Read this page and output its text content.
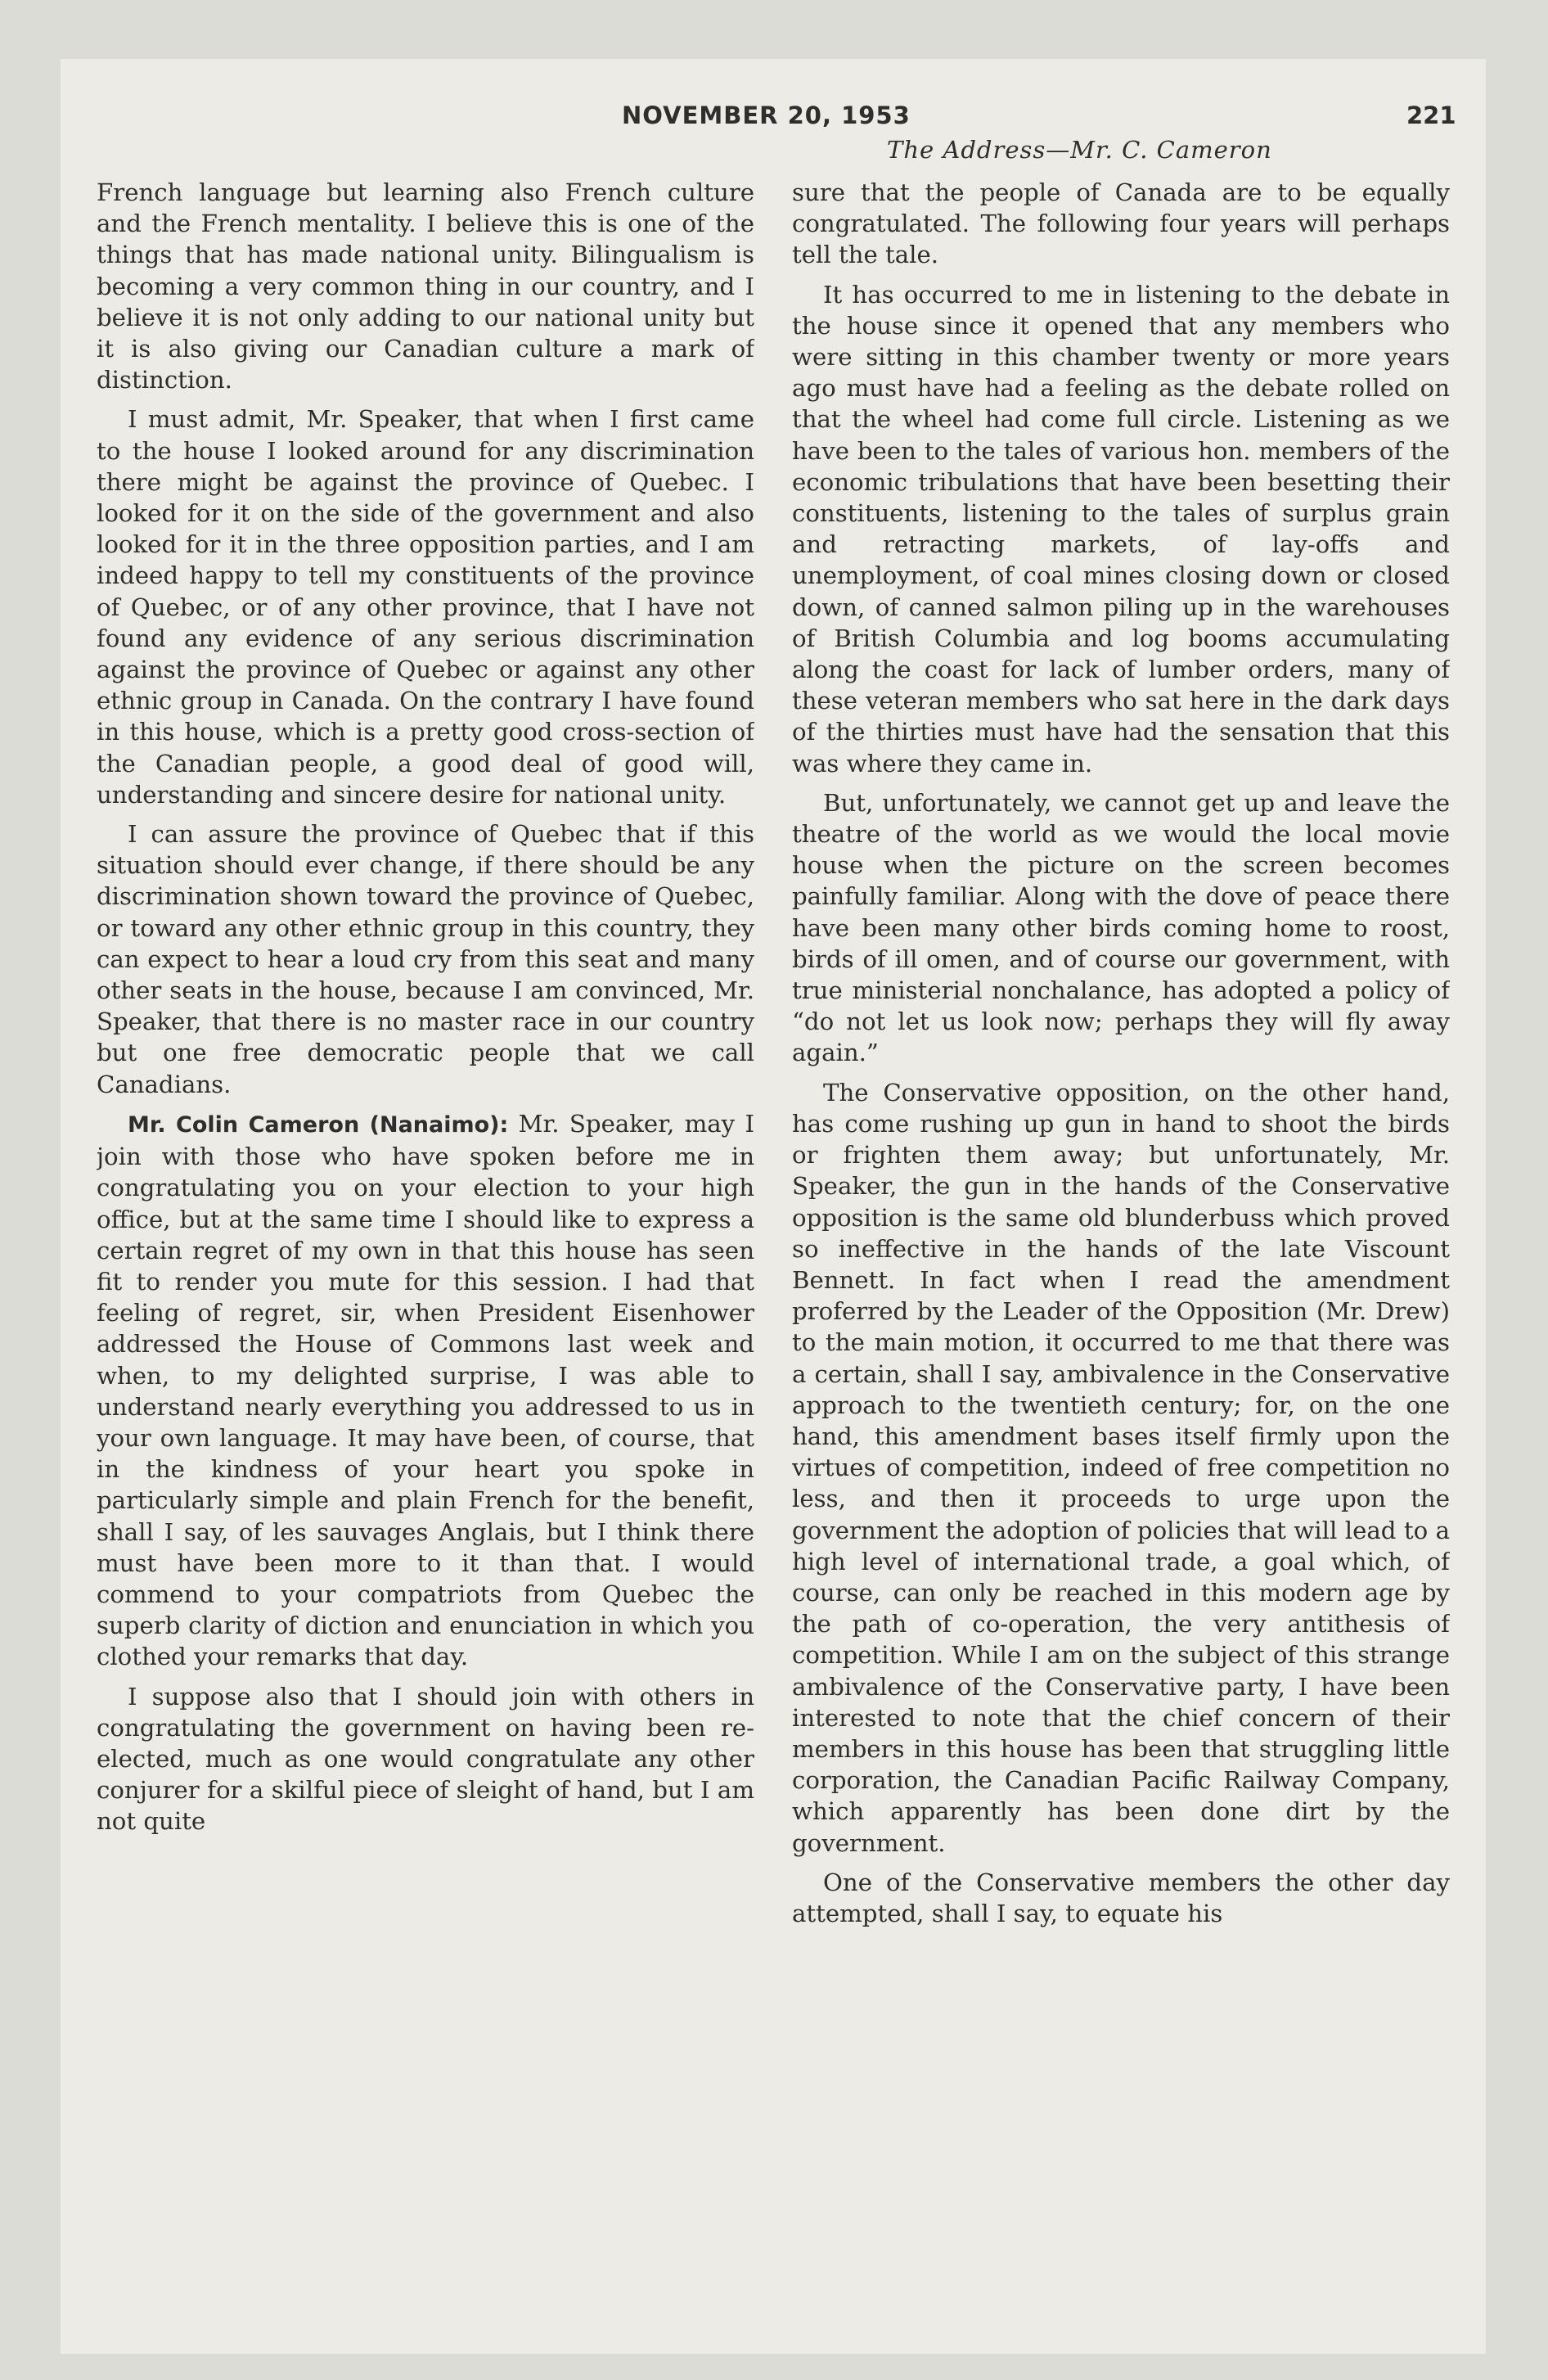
NOVEMBER 20, 1953	221
The Address—Mr. C. Cameron

French language but learning also French culture and the French mentality. I believe this is one of the things that has made national unity. Bilingualism is becoming a very common thing in our country, and I believe it is not only adding to our national unity but it is also giving our Canadian culture a mark of distinction.

I must admit, Mr. Speaker, that when I first came to the house I looked around for any discrimination there might be against the province of Quebec. I looked for it on the side of the government and also looked for it in the three opposition parties, and I am indeed happy to tell my constituents of the province of Quebec, or of any other province, that I have not found any evidence of any serious discrimination against the province of Quebec or against any other ethnic group in Canada. On the contrary I have found in this house, which is a pretty good cross-section of the Canadian people, a good deal of good will, understanding and sincere desire for national unity.

I can assure the province of Quebec that if this situation should ever change, if there should be any discrimination shown toward the province of Quebec, or toward any other ethnic group in this country, they can expect to hear a loud cry from this seat and many other seats in the house, because I am convinced, Mr. Speaker, that there is no master race in our country but one free democratic people that we call Canadians.

Mr. Colin Cameron (Nanaimo): Mr. Speaker, may I join with those who have spoken before me in congratulating you on your election to your high office, but at the same time I should like to express a certain regret of my own in that this house has seen fit to render you mute for this session. I had that feeling of regret, sir, when President Eisenhower addressed the House of Commons last week and when, to my delighted surprise, I was able to understand nearly everything you addressed to us in your own language. It may have been, of course, that in the kindness of your heart you spoke in particularly simple and plain French for the benefit, shall I say, of les sauvages Anglais, but I think there must have been more to it than that. I would commend to your compatriots from Quebec the superb clarity of diction and enunciation in which you clothed your remarks that day.

I suppose also that I should join with others in congratulating the government on having been re-elected, much as one would congratulate any other conjurer for a skilful piece of sleight of hand, but I am not quite

sure that the people of Canada are to be equally congratulated. The following four years will perhaps tell the tale.

It has occurred to me in listening to the debate in the house since it opened that any members who were sitting in this chamber twenty or more years ago must have had a feeling as the debate rolled on that the wheel had come full circle. Listening as we have been to the tales of various hon. members of the economic tribulations that have been besetting their constituents, listening to the tales of surplus grain and retracting markets, of lay-offs and unemployment, of coal mines closing down or closed down, of canned salmon piling up in the warehouses of British Columbia and log booms accumulating along the coast for lack of lumber orders, many of these veteran members who sat here in the dark days of the thirties must have had the sensation that this was where they came in.

But, unfortunately, we cannot get up and leave the theatre of the world as we would the local movie house when the picture on the screen becomes painfully familiar. Along with the dove of peace there have been many other birds coming home to roost, birds of ill omen, and of course our government, with true ministerial nonchalance, has adopted a policy of “do not let us look now; perhaps they will fly away again.”

The Conservative opposition, on the other hand, has come rushing up gun in hand to shoot the birds or frighten them away; but unfortunately, Mr. Speaker, the gun in the hands of the Conservative opposition is the same old blunderbuss which proved so ineffective in the hands of the late Viscount Bennett. In fact when I read the amendment proferred by the Leader of the Opposition (Mr. Drew) to the main motion, it occurred to me that there was a certain, shall I say, ambivalence in the Conservative approach to the twentieth century; for, on the one hand, this amendment bases itself firmly upon the virtues of competition, indeed of free competition no less, and then it proceeds to urge upon the government the adoption of policies that will lead to a high level of international trade, a goal which, of course, can only be reached in this modern age by the path of co-operation, the very antithesis of competition. While I am on the subject of this strange ambivalence of the Conservative party, I have been interested to note that the chief concern of their members in this house has been that struggling little corporation, the Canadian Pacific Railway Company, which apparently has been done dirt by the government.

One of the Conservative members the other day attempted, shall I say, to equate his
